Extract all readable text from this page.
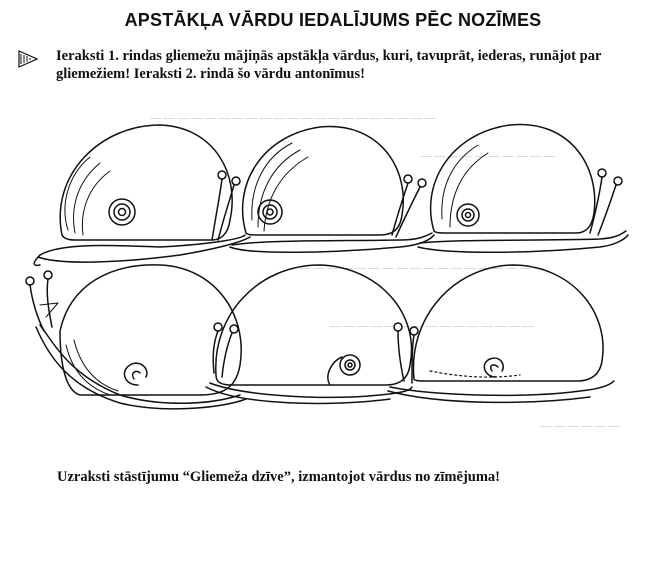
APSTĀKĻA VĀRDU IEDALĪJUMS PĒC NOZĪMES
Ieraksti 1. rindas gliemežu mājiņās apstākļa vārdus, kuri, tavuprāt, iederas, runājot par gliemežiem! Ieraksti 2. rindā šo vārdu antonīmus!
— — — — — — — — — — — — — — — — — — — — —
— — — — — — — — — —
— — — — — — — — — — — — — — — — — —
— — — — — — — — — — — — — — —
— — — — — —
Uzraksti stāstījumu “Gliemeža dzīve”, izmantojot vārdus no zīmējuma!
